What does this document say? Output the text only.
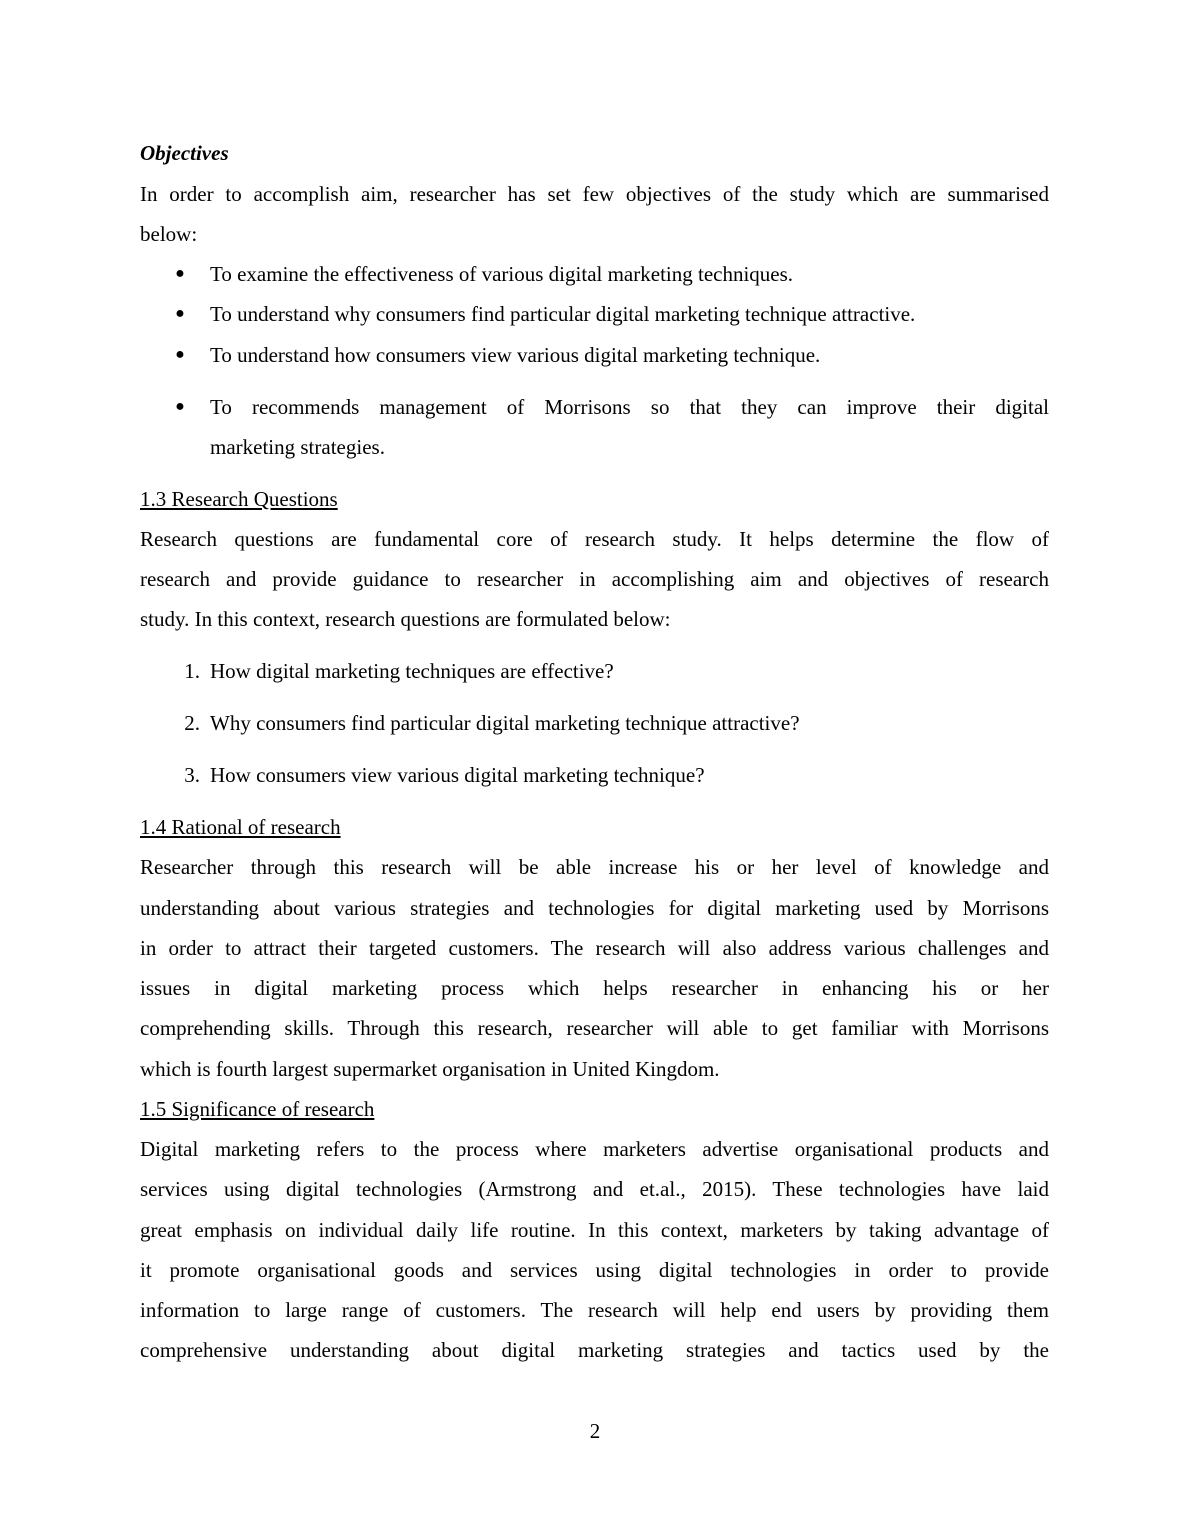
Objectives
In order to accomplish aim, researcher has set few objectives of the study which are summarised
below:
● To examine the effectiveness of various digital marketing techniques.
● To understand why consumers find particular digital marketing technique attractive.
● To understand how consumers view various digital marketing technique.
● To recommends management of Morrisons so that they can improve their digital
marketing strategies.
1.3 Research Questions
Research questions are fundamental core of research study. It helps determine the flow of
research and provide guidance to researcher in accomplishing aim and objectives of research
study. In this context, research questions are formulated below:
1. How digital marketing techniques are effective?
2. Why consumers find particular digital marketing technique attractive?
3. How consumers view various digital marketing technique?
1.4 Rational of research
Researcher through this research will be able increase his or her level of knowledge and
understanding about various strategies and technologies for digital marketing used by Morrisons
in order to attract their targeted customers. The research will also address various challenges and
issues in digital marketing process which helps researcher in enhancing his or her
comprehending skills. Through this research, researcher will able to get familiar with Morrisons
which is fourth largest supermarket organisation in United Kingdom.
1.5 Significance of research
Digital marketing refers to the process where marketers advertise organisational products and
services using digital technologies (Armstrong and et.al., 2015). These technologies have laid
great emphasis on individual daily life routine. In this context, marketers by taking advantage of
it promote organisational goods and services using digital technologies in order to provide
information to large range of customers. The research will help end users by providing them
comprehensive understanding about digital marketing strategies and tactics used by the
2
